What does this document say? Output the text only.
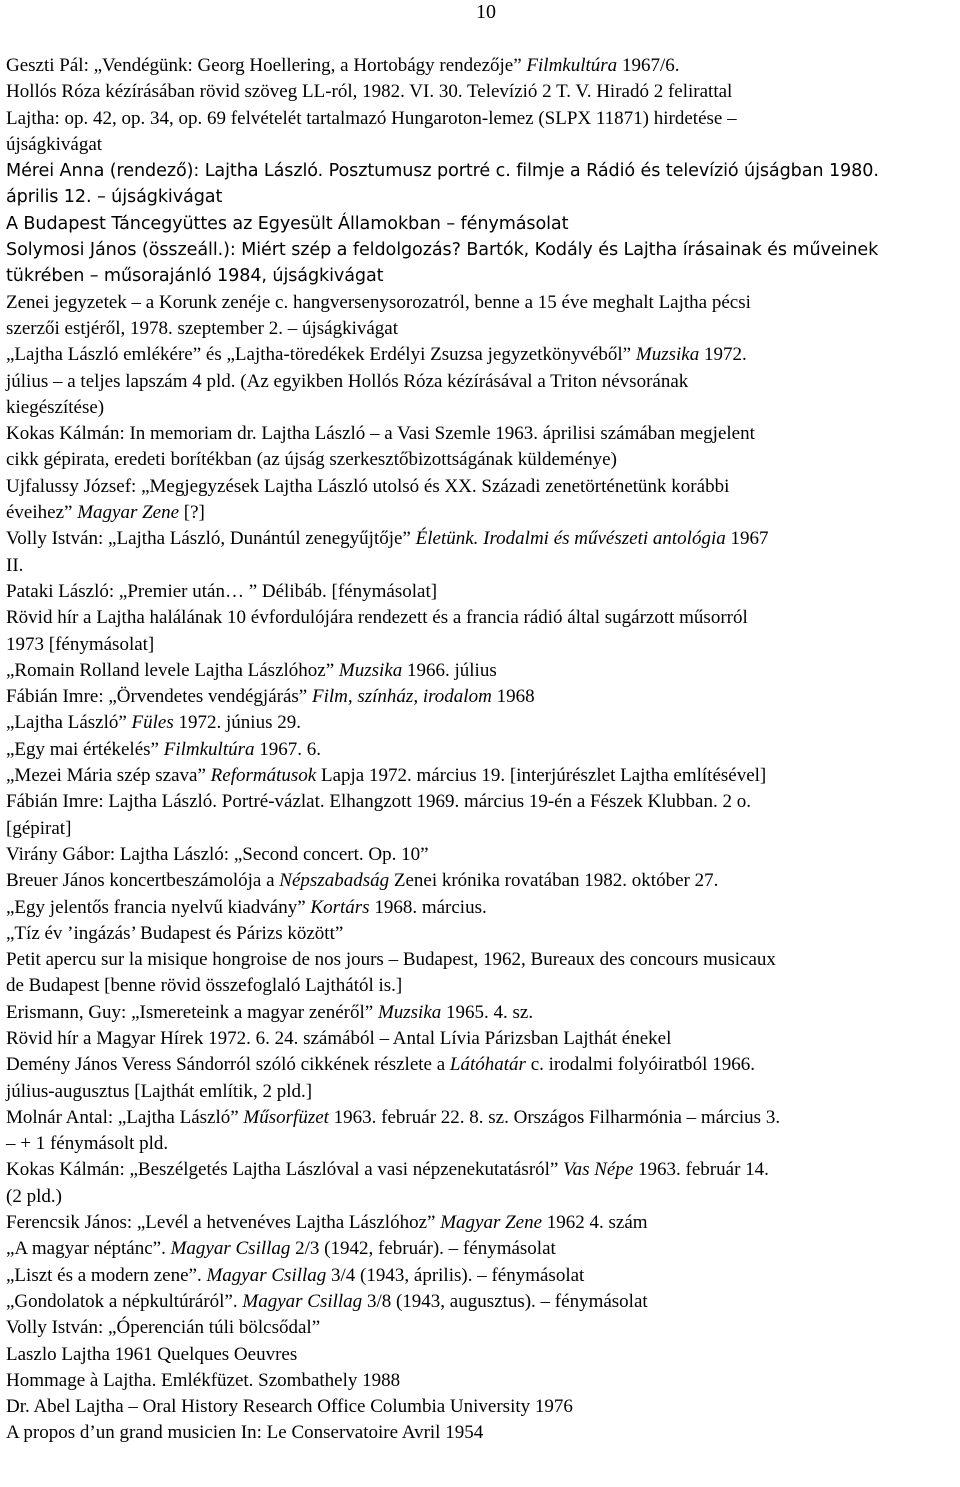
10
Geszti Pál: „Vendégünk: Georg Hoellering, a Hortobágy rendezője” Filmkultúra 1967/6.
Hollós Róza kézírásában rövid szöveg LL-ról, 1982. VI. 30. Televízió 2 T. V. Hiradó 2 felirattal
Lajtha: op. 42, op. 34, op. 69 felvételét tartalmazó Hungaroton-lemez (SLPX 11871) hirdetése –
újságkivágat
Mérei Anna (rendező): Lajtha László. Posztumusz portré c. filmje a Rádió és televízió újságban 1980.
április 12. – újságkivágat
A Budapest Táncegyüttes az Egyesült Államokban – fénymásolat
Solymosi János (összeáll.): Miért szép a feldolgozás? Bartók, Kodály és Lajtha írásainak és műveinek
tükrében – műsorajánló 1984, újságkivágat
Zenei jegyzetek – a Korunk zenéje c. hangversenysorozatról, benne a 15 éve meghalt Lajtha pécsi
szerzői estjéről, 1978. szeptember 2. – újságkivágat
„Lajtha László emlékére” és „Lajtha-töredékek Erdélyi Zsuzsa jegyzetkönyvéből” Muzsika 1972.
július – a teljes lapszám 4 pld. (Az egyikben Hollós Róza kézírásával a Triton névsorának
kiegészítése)
Kokas Kálmán: In memoriam dr. Lajtha László – a Vasi Szemle 1963. áprilisi számában megjelent
cikk gépirata, eredeti borítékban (az újság szerkesztőbizottságának küldeménye)
Ujfalussy József: „Megjegyzések Lajtha László utolsó és XX. Századi zenetörténetünk korábbi
éveihez” Magyar Zene [?]
Volly István: „Lajtha László, Dunántúl zenegyűjtője” Életünk. Irodalmi és művészeti antológia 1967
II.
Pataki László: „Premier után… ” Délibáb. [fénymásolat]
Rövid hír a Lajtha halálának 10 évfordulójára rendezett és a francia rádió által sugárzott műsorról
1973 [fénymásolat]
„Romain Rolland levele Lajtha Lászlóhoz” Muzsika 1966. július
Fábián Imre: „Örvendetes vendégjárás” Film, színház, irodalom 1968
„Lajtha László” Füles 1972. június 29.
„Egy mai értékelés” Filmkultúra 1967. 6.
„Mezei Mária szép szava” Reformátusok Lapja 1972. március 19. [interjúrészlet Lajtha említésével]
Fábián Imre: Lajtha László. Portré-vázlat. Elhangzott 1969. március 19-én a Fészek Klubban. 2 o.
[gépirat]
Virány Gábor: Lajtha László: „Second concert. Op. 10”
Breuer János koncertbeszámolója a Népszabadság Zenei krónika rovatában 1982. október 27.
„Egy jelentős francia nyelvű kiadvány” Kortárs 1968. március.
„Tíz év ’ingázás’ Budapest és Párizs között”
Petit apercu sur la misique hongroise de nos jours – Budapest, 1962, Bureaux des concours musicaux
de Budapest [benne rövid összefoglaló Lajthától is.]
Erismann, Guy: „Ismereteink a magyar zenéről” Muzsika 1965. 4. sz.
Rövid hír a Magyar Hírek 1972. 6. 24. számából – Antal Lívia Párizsban Lajthát énekel
Demény János Veress Sándorról szóló cikkének részlete a Látóhatár c. irodalmi folyóiratból 1966.
július-augusztus [Lajthát említik, 2 pld.]
Molnár Antal: „Lajtha László” Műsorfüzet 1963. február 22. 8. sz. Országos Filharmónia – március 3.
– + 1 fénymásolt pld.
Kokas Kálmán: „Beszélgetés Lajtha Lászlóval a vasi népzenekutatásról” Vas Népe 1963. február 14.
(2 pld.)
Ferencsik János: „Levél a hetvenéves Lajtha Lászlóhoz” Magyar Zene 1962 4. szám
„A magyar néptánc”. Magyar Csillag 2/3 (1942, február). – fénymásolat
„Liszt és a modern zene”. Magyar Csillag 3/4 (1943, április). – fénymásolat
„Gondolatok a népkultúráról”. Magyar Csillag 3/8 (1943, augusztus). – fénymásolat
Volly István: „Óperencián túli bölcsődal”
Laszlo Lajtha 1961 Quelques Oeuvres
Hommage à Lajtha. Emlékfüzet. Szombathely 1988
Dr. Abel Lajtha – Oral History Research Office Columbia University 1976
A propos d’un grand musicien In: Le Conservatoire Avril 1954
